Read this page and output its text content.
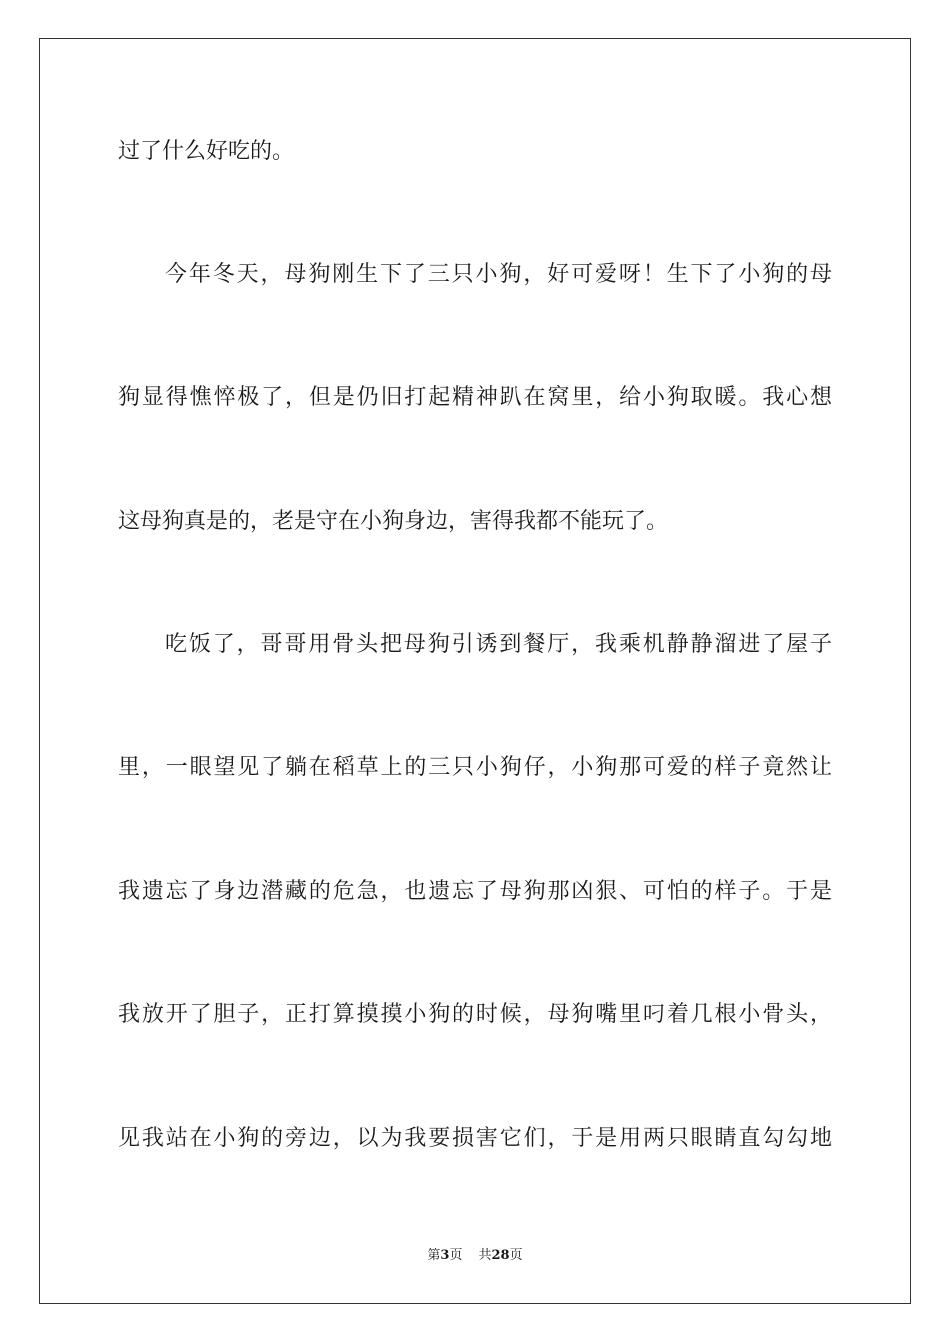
过了什么好吃的。
今年冬天，母狗刚生下了三只小狗，好可爱呀！生下了小狗的母
狗显得憔悴极了，但是仍旧打起精神趴在窝里，给小狗取暖。我心想
这母狗真是的，老是守在小狗身边，害得我都不能玩了。
吃饭了，哥哥用骨头把母狗引诱到餐厅，我乘机静静溜进了屋子
里，一眼望见了躺在稻草上的三只小狗仔，小狗那可爱的样子竟然让
我遗忘了身边潜藏的危急，也遗忘了母狗那凶狠、可怕的样子。于是
我放开了胆子，正打算摸摸小狗的时候，母狗嘴里叼着几根小骨头，
见我站在小狗的旁边，以为我要损害它们，于是用两只眼睛直勾勾地
第3页 共28页
